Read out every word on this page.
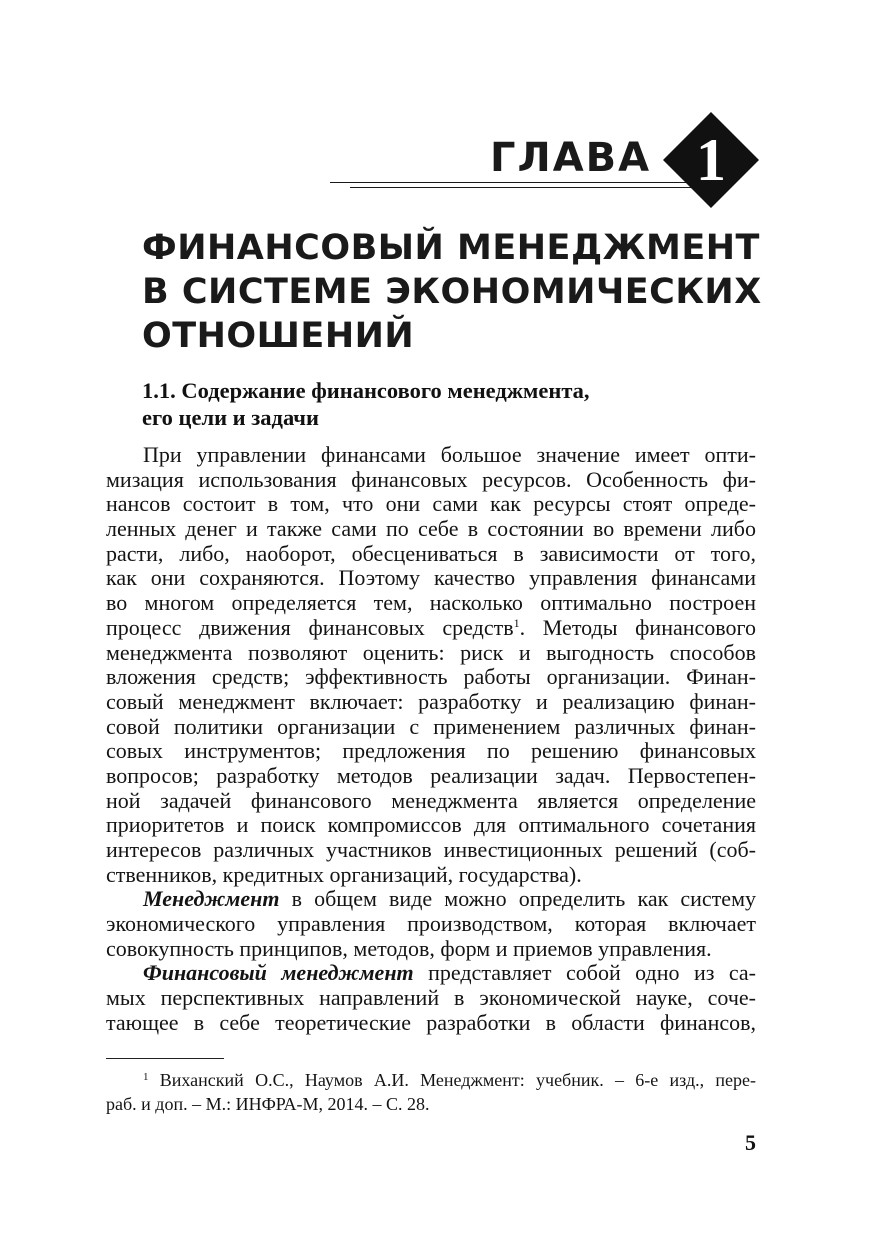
ГЛАВА 1
ФИНАНСОВЫЙ МЕНЕДЖМЕНТ
В СИСТЕМЕ ЭКОНОМИЧЕСКИХ
ОТНОШЕНИЙ
1.1. Содержание финансового менеджмента,
его цели и задачи
При управлении финансами большое значение имеет опти-
мизация использования финансовых ресурсов. Особенность фи-
нансов состоит в том, что они сами как ресурсы стоят опреде-
ленных денег и также сами по себе в состоянии во времени либо
расти, либо, наоборот, обесцениваться в зависимости от того,
как они сохраняются. Поэтому качество управления финансами
во многом определяется тем, насколько оптимально построен
процесс движения финансовых средств$^1$. Методы финансового
менеджмента позволяют оценить: риск и выгодность способов
вложения средств; эффективность работы организации. Финан-
совый менеджмент включает: разработку и реализацию финан-
совой политики организации с применением различных финан-
совых инструментов; предложения по решению финансовых
вопросов; разработку методов реализации задач. Первостепен-
ной задачей финансового менеджмента является определение
приоритетов и поиск компромиссов для оптимального сочетания
интересов различных участников инвестиционных решений (соб-
ственников, кредитных организаций, государства).
Менеджмент в общем виде можно определить как систему
экономического управления производством, которая включает
совокупность принципов, методов, форм и приемов управления.
Финансовый менеджмент представляет собой одно из са-
мых перспективных направлений в экономической науке, соче-
тающее в себе теоретические разработки в области финансов,
$^1$ Виханский О.С., Наумов А.И. Менеджмент: учебник. – 6-е изд., пере-
раб. и доп. – М.: ИНФРА-М, 2014. – С. 28.
5
